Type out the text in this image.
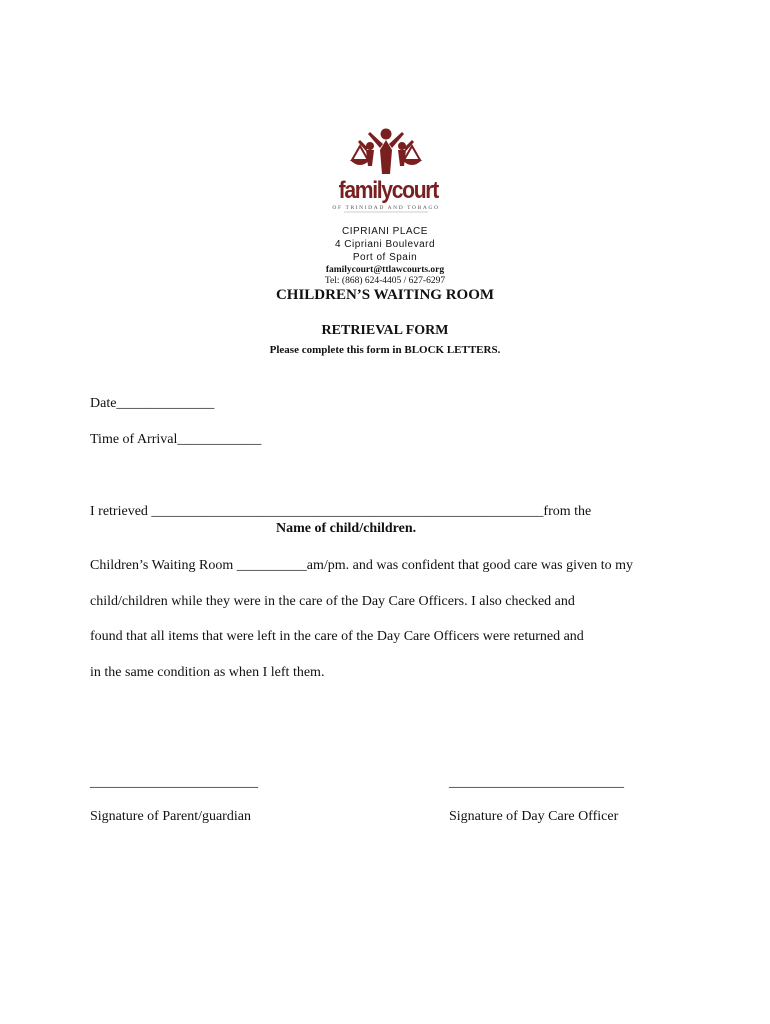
familycourt
OF TRINIDAD AND TOBAGO
CIPRIANI PLACE
4 Cipriani Boulevard
Port of Spain
familycourt@ttlawcourts.org
Tel: (868) 624-4405 / 627-6297
CHILDREN’S WAITING ROOM
RETRIEVAL FORM
Please complete this form in BLOCK LETTERS.
Date______________
Time of Arrival____________
I retrieved ________________________________________________________from the
Name of child/children.
Children’s Waiting Room __________am/pm. and was confident that good care was given to my
child/children while they were in the care of the Day Care Officers. I also checked and
found that all items that were left in the care of the Day Care Officers were returned and
in the same condition as when I left them.
________________________	_________________________
Signature of Parent/guardian	Signature of Day Care Officer
